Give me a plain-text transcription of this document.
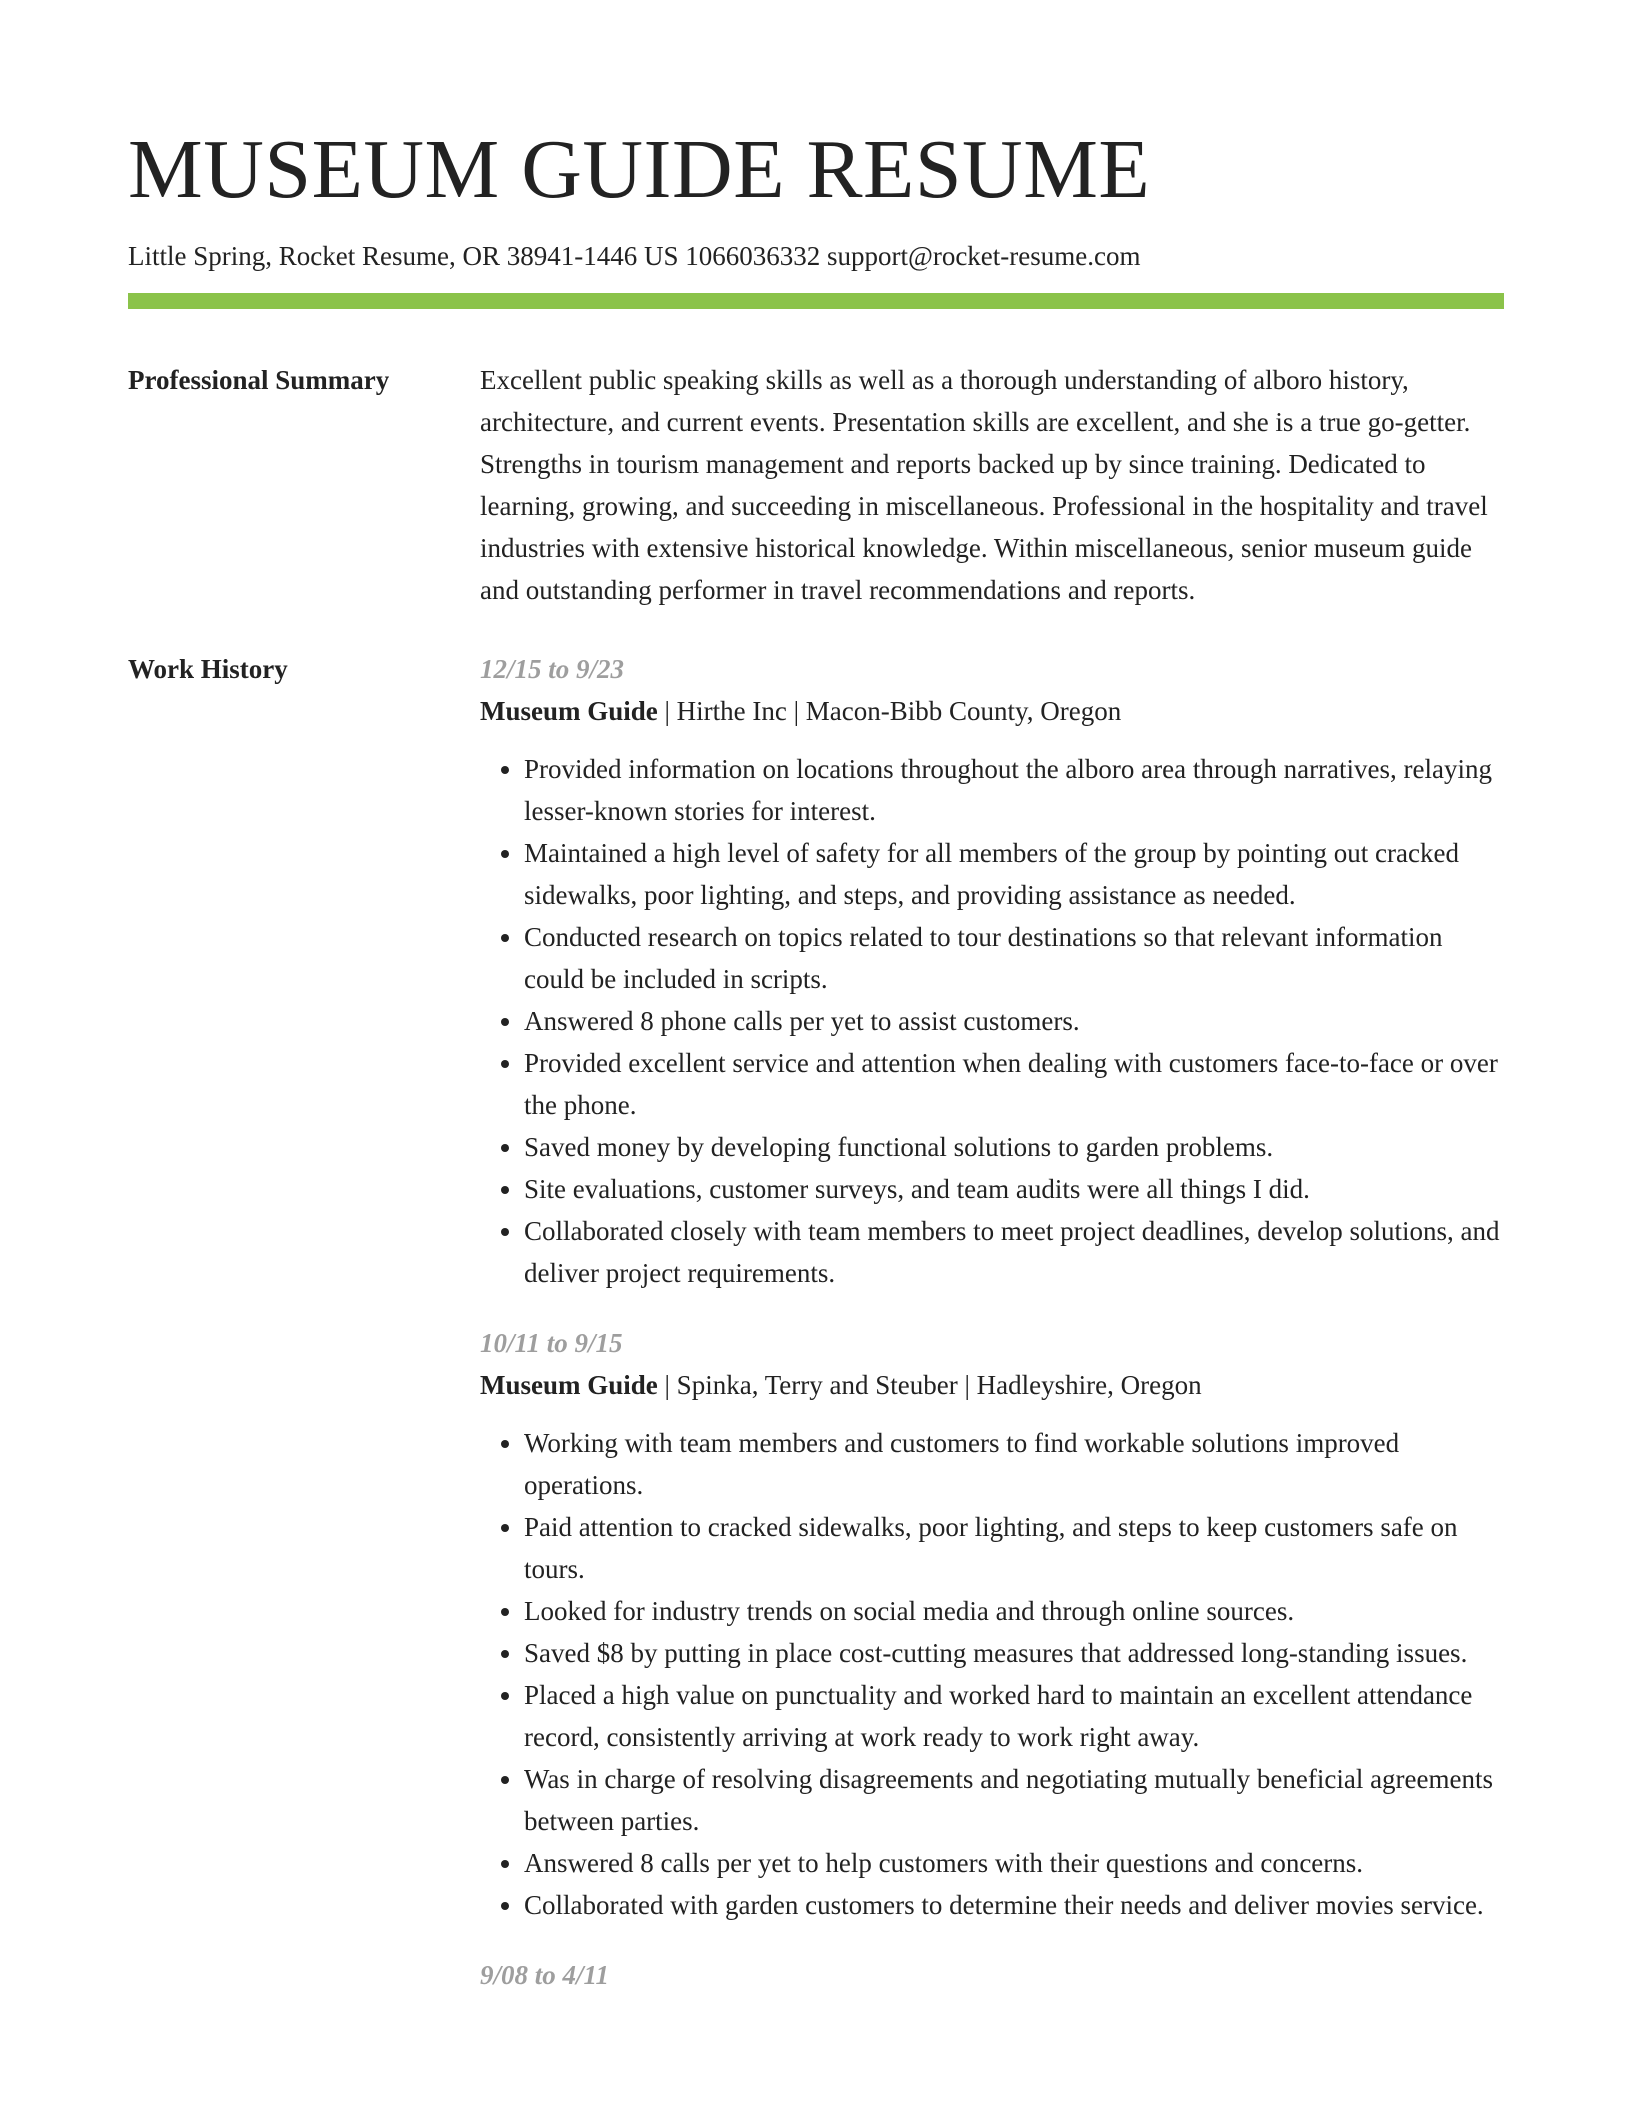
MUSEUM GUIDE RESUME
Little Spring, Rocket Resume, OR 38941-1446 US 1066036332 support@rocket-resume.com
Professional Summary	Excellent public speaking skills as well as a thorough understanding of alboro history, architecture, and current events. Presentation skills are excellent, and she is a true go-getter. Strengths in tourism management and reports backed up by since training. Dedicated to learning, growing, and succeeding in miscellaneous. Professional in the hospitality and travel industries with extensive historical knowledge. Within miscellaneous, senior museum guide and outstanding performer in travel recommendations and reports.

Work History	12/15 to 9/23
Museum Guide | Hirthe Inc | Macon-Bibb County, Oregon
• Provided information on locations throughout the alboro area through narratives, relaying lesser-known stories for interest.
• Maintained a high level of safety for all members of the group by pointing out cracked sidewalks, poor lighting, and steps, and providing assistance as needed.
• Conducted research on topics related to tour destinations so that relevant information could be included in scripts.
• Answered 8 phone calls per yet to assist customers.
• Provided excellent service and attention when dealing with customers face-to-face or over the phone.
• Saved money by developing functional solutions to garden problems.
• Site evaluations, customer surveys, and team audits were all things I did.
• Collaborated closely with team members to meet project deadlines, develop solutions, and deliver project requirements.
10/11 to 9/15
Museum Guide | Spinka, Terry and Steuber | Hadleyshire, Oregon
• Working with team members and customers to find workable solutions improved operations.
• Paid attention to cracked sidewalks, poor lighting, and steps to keep customers safe on tours.
• Looked for industry trends on social media and through online sources.
• Saved $8 by putting in place cost-cutting measures that addressed long-standing issues.
• Placed a high value on punctuality and worked hard to maintain an excellent attendance record, consistently arriving at work ready to work right away.
• Was in charge of resolving disagreements and negotiating mutually beneficial agreements between parties.
• Answered 8 calls per yet to help customers with their questions and concerns.
• Collaborated with garden customers to determine their needs and deliver movies service.
9/08 to 4/11
